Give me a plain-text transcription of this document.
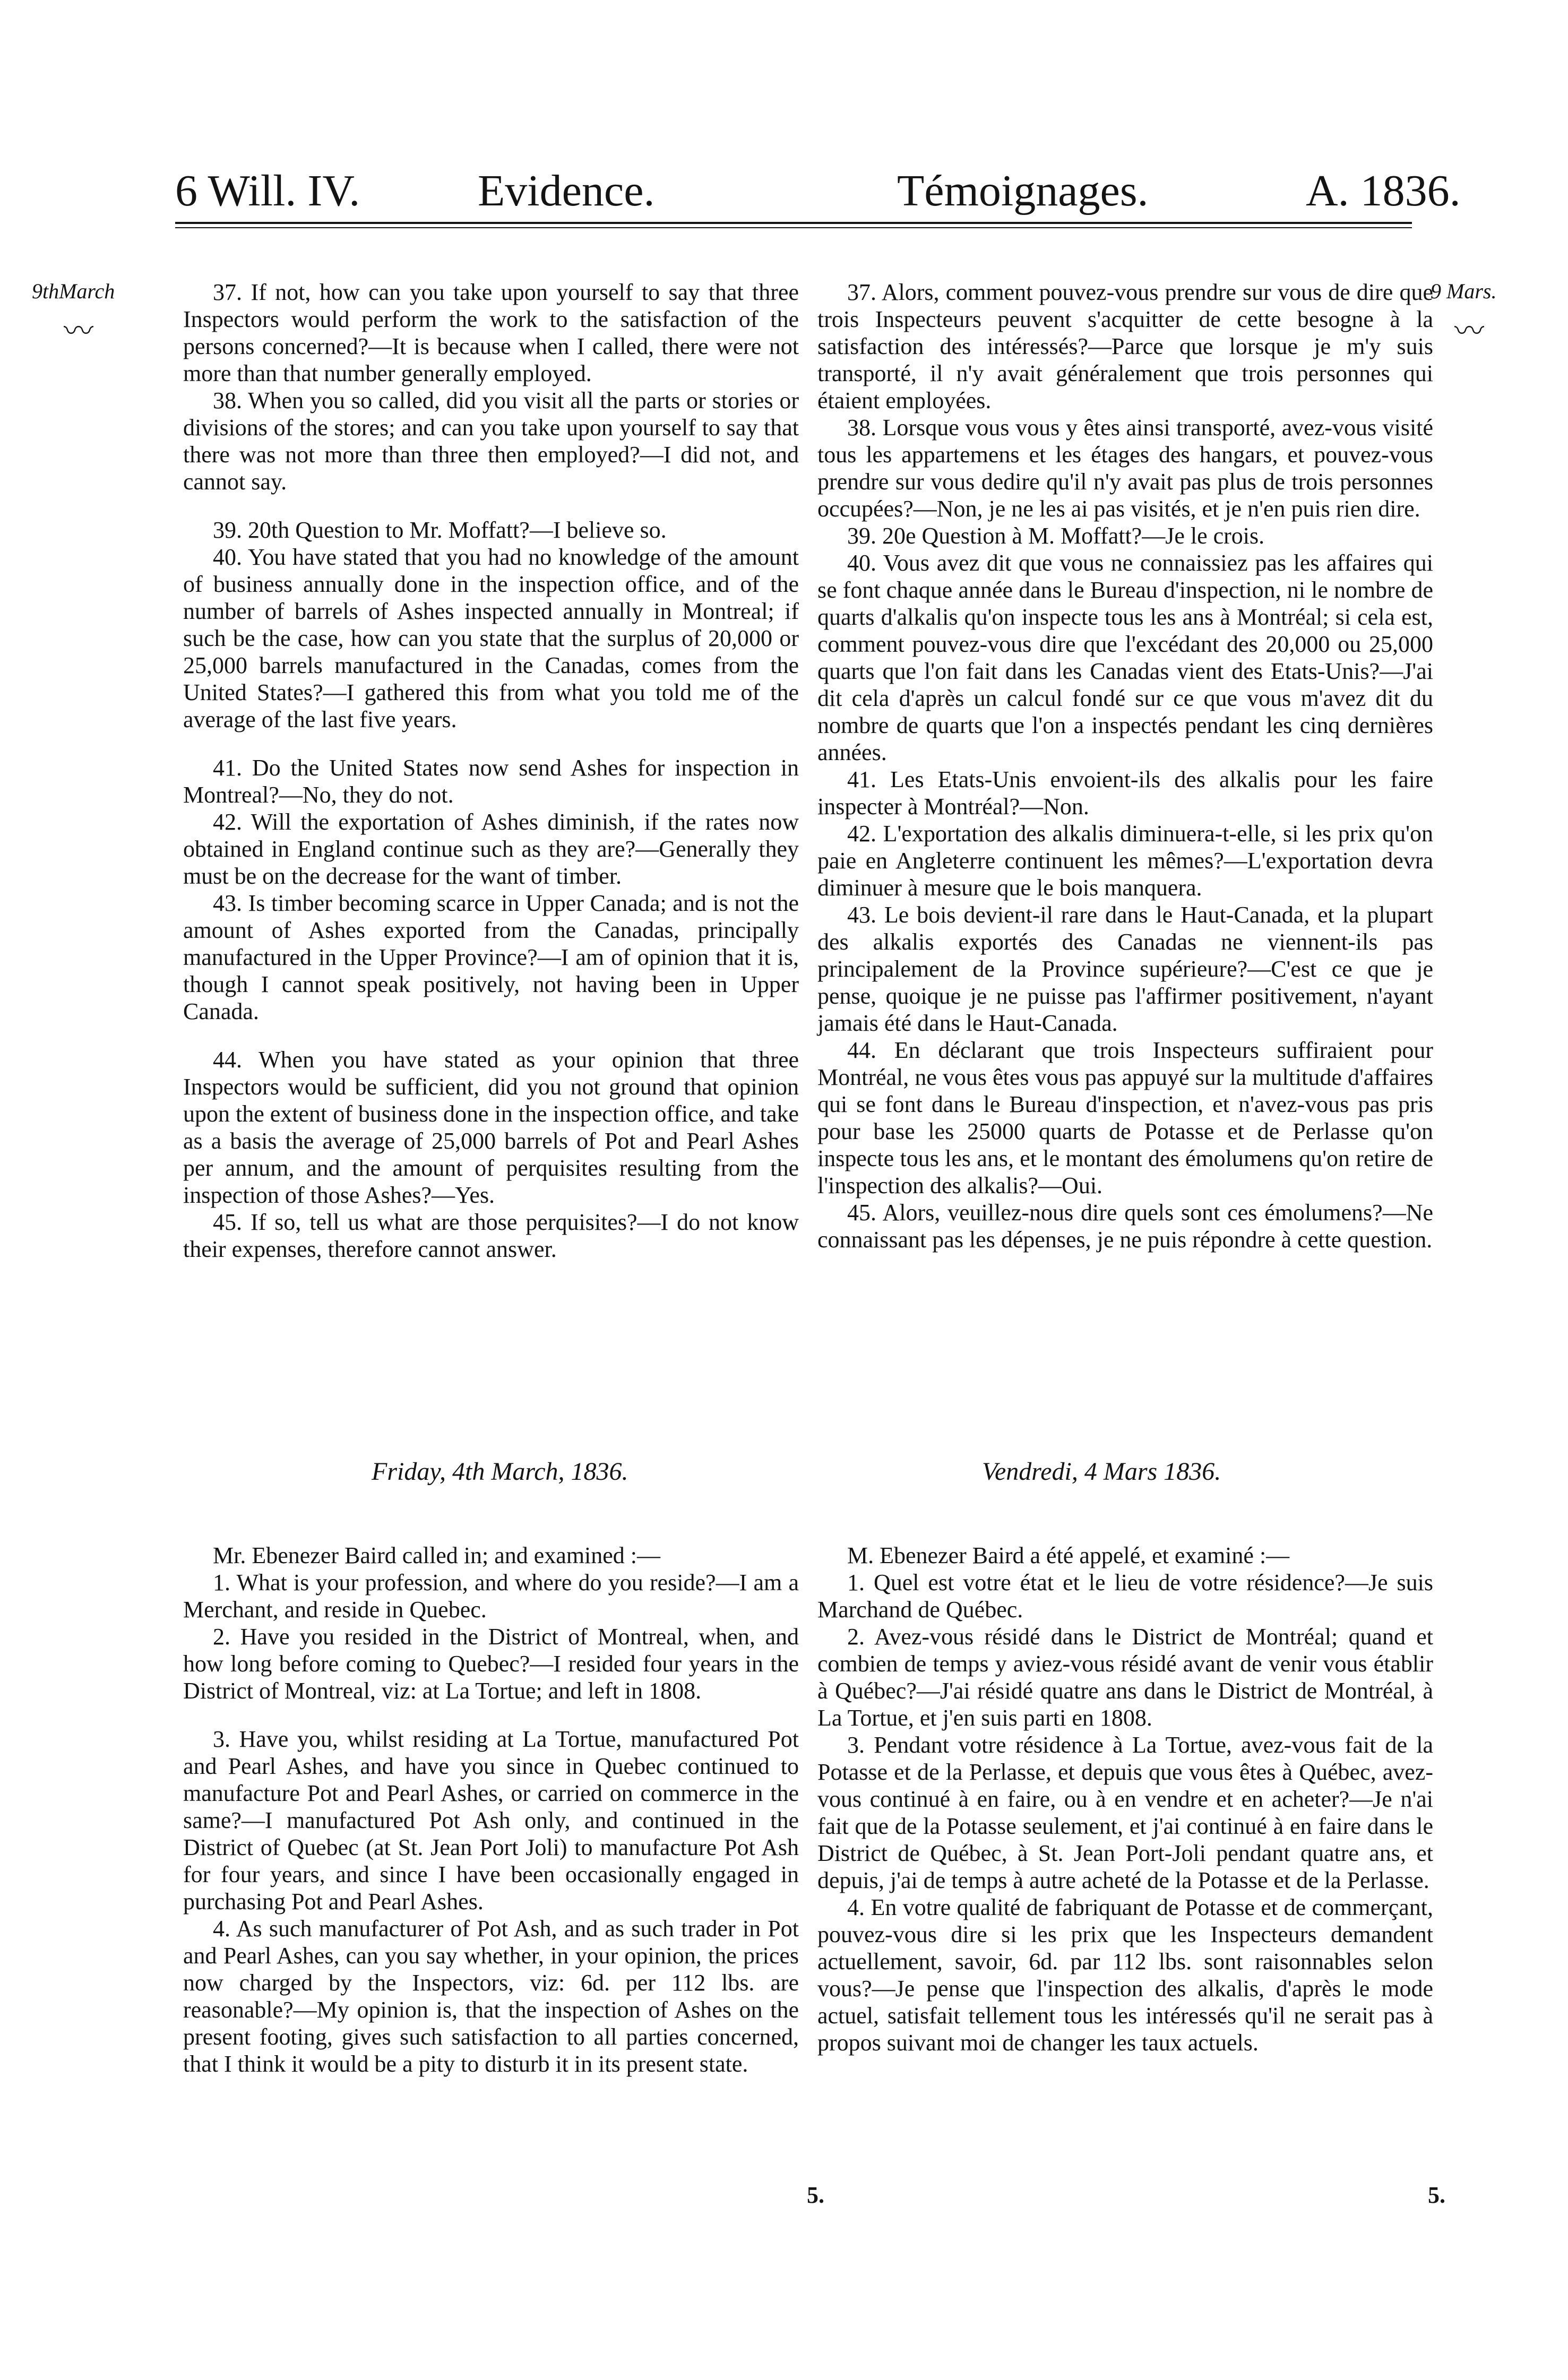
6 Will. IV.	Evidence.	Témoignages.	A. 1836.
9thMarch
〰
9 Mars.
〰

37. If not, how can you take upon yourself to say that three Inspectors would perform the work to the satisfaction of the persons concerned?—It is because when I called, there were not more than that number generally employed.

38. When you so called, did you visit all the parts or stories or divisions of the stores; and can you take upon yourself to say that there was not more than three then employed?—I did not, and cannot say.

39. 20th Question to Mr. Moffatt?—I believe so.

40. You have stated that you had no knowledge of the amount of business annually done in the inspection office, and of the number of barrels of Ashes inspected annually in Montreal; if such be the case, how can you state that the surplus of 20,000 or 25,000 barrels manufactured in the Canadas, comes from the United States?—I gathered this from what you told me of the average of the last five years.

41. Do the United States now send Ashes for inspection in Montreal?—No, they do not.

42. Will the exportation of Ashes diminish, if the rates now obtained in England continue such as they are?—Generally they must be on the decrease for the want of timber.

43. Is timber becoming scarce in Upper Canada; and is not the amount of Ashes exported from the Canadas, principally manufactured in the Upper Province?—I am of opinion that it is, though I cannot speak positively, not having been in Upper Canada.

44. When you have stated as your opinion that three Inspectors would be sufficient, did you not ground that opinion upon the extent of business done in the inspection office, and take as a basis the average of 25,000 barrels of Pot and Pearl Ashes per annum, and the amount of perquisites resulting from the inspection of those Ashes?—Yes.

45. If so, tell us what are those perquisites?—I do not know their expenses, therefore cannot answer.

37. Alors, comment pouvez-vous prendre sur vous de dire que trois Inspecteurs peuvent s'acquitter de cette besogne à la satisfaction des intéressés?—Parce que lorsque je m'y suis transporté, il n'y avait généralement que trois personnes qui étaient employées.

38. Lorsque vous vous y êtes ainsi transporté, avez-vous visité tous les appartemens et les étages des hangars, et pouvez-vous prendre sur vous dedire qu'il n'y avait pas plus de trois personnes occupées?—Non, je ne les ai pas visités, et je n'en puis rien dire.

39. 20e Question à M. Moffatt?—Je le crois.

40. Vous avez dit que vous ne connaissiez pas les affaires qui se font chaque année dans le Bureau d'inspection, ni le nombre de quarts d'alkalis qu'on inspecte tous les ans à Montréal; si cela est, comment pouvez-vous dire que l'excédant des 20,000 ou 25,000 quarts que l'on fait dans les Canadas vient des Etats-Unis?—J'ai dit cela d'après un calcul fondé sur ce que vous m'avez dit du nombre de quarts que l'on a inspectés pendant les cinq dernières années.

41. Les Etats-Unis envoient-ils des alkalis pour les faire inspecter à Montréal?—Non.

42. L'exportation des alkalis diminuera-t-elle, si les prix qu'on paie en Angleterre continuent les mêmes?—L'exportation devra diminuer à mesure que le bois manquera.

43. Le bois devient-il rare dans le Haut-Canada, et la plupart des alkalis exportés des Canadas ne viennent-ils pas principalement de la Province supérieure?—C'est ce que je pense, quoique je ne puisse pas l'affirmer positivement, n'ayant jamais été dans le Haut-Canada.

44. En déclarant que trois Inspecteurs suffiraient pour Montréal, ne vous êtes vous pas appuyé sur la multitude d'affaires qui se font dans le Bureau d'inspection, et n'avez-vous pas pris pour base les 25000 quarts de Potasse et de Perlasse qu'on inspecte tous les ans, et le montant des émolumens qu'on retire de l'inspection des alkalis?—Oui.

45. Alors, veuillez-nous dire quels sont ces émolumens?—Ne connaissant pas les dépenses, je ne puis répondre à cette question.

Friday, 4th March, 1836.	Vendredi, 4 Mars 1836.

Mr. Ebenezer Baird called in; and examined :—

1. What is your profession, and where do you reside?—I am a Merchant, and reside in Quebec.

2. Have you resided in the District of Montreal, when, and how long before coming to Quebec?—I resided four years in the District of Montreal, viz: at La Tortue; and left in 1808.

3. Have you, whilst residing at La Tortue, manufactured Pot and Pearl Ashes, and have you since in Quebec continued to manufacture Pot and Pearl Ashes, or carried on commerce in the same?—I manufactured Pot Ash only, and continued in the District of Quebec (at St. Jean Port Joli) to manufacture Pot Ash for four years, and since I have been occasionally engaged in purchasing Pot and Pearl Ashes.

4. As such manufacturer of Pot Ash, and as such trader in Pot and Pearl Ashes, can you say whether, in your opinion, the prices now charged by the Inspectors, viz: 6d. per 112 lbs. are reasonable?—My opinion is, that the inspection of Ashes on the present footing, gives such satisfaction to all parties concerned, that I think it would be a pity to disturb it in its present state.

M. Ebenezer Baird a été appelé, et examiné :—

1. Quel est votre état et le lieu de votre résidence?—Je suis Marchand de Québec.

2. Avez-vous résidé dans le District de Montréal; quand et combien de temps y aviez-vous résidé avant de venir vous établir à Québec?—J'ai résidé quatre ans dans le District de Montréal, à La Tortue, et j'en suis parti en 1808.

3. Pendant votre résidence à La Tortue, avez-vous fait de la Potasse et de la Perlasse, et depuis que vous êtes à Québec, avez-vous continué à en faire, ou à en vendre et en acheter?—Je n'ai fait que de la Potasse seulement, et j'ai continué à en faire dans le District de Québec, à St. Jean Port-Joli pendant quatre ans, et depuis, j'ai de temps à autre acheté de la Potasse et de la Perlasse.

4. En votre qualité de fabriquant de Potasse et de commerçant, pouvez-vous dire si les prix que les Inspecteurs demandent actuellement, savoir, 6d. par 112 lbs. sont raisonnables selon vous?—Je pense que l'inspection des alkalis, d'après le mode actuel, satisfait tellement tous les intéressés qu'il ne serait pas à propos suivant moi de changer les taux actuels.

5.	5.
